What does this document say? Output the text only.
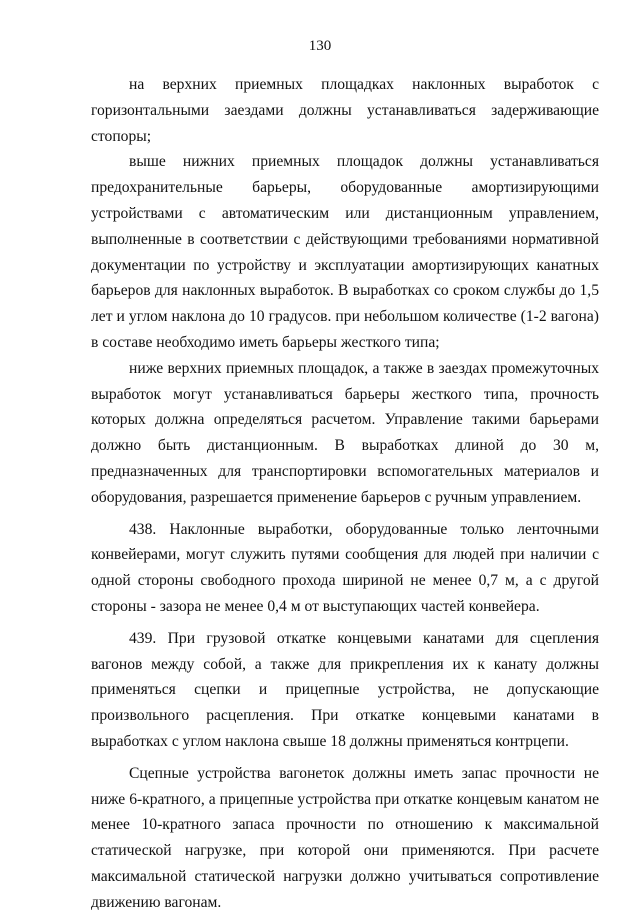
130

на верхних приемных площадках наклонных выработок с горизонтальными заездами должны устанавливаться задерживающие стопоры;

выше нижних приемных площадок должны устанавливаться предохранительные барьеры, оборудованные амортизирующими устройствами с автоматическим или дистанционным управлением, выполненные в соответствии с действующими требованиями нормативной документации по устройству и эксплуатации амортизирующих канатных барьеров для наклонных выработок. В выработках со сроком службы до 1,5 лет и углом наклона до 10 градусов. при небольшом количестве (1-2 вагона) в составе необходимо иметь барьеры жесткого типа;

ниже верхних приемных площадок, а также в заездах промежуточных выработок могут устанавливаться барьеры жесткого типа, прочность которых должна определяться расчетом. Управление такими барьерами должно быть дистанционным. В выработках длиной до 30 м, предназначенных для транспортировки вспомогательных материалов и оборудования, разрешается применение барьеров с ручным управлением.

438. Наклонные выработки, оборудованные только ленточными конвейерами, могут служить путями сообщения для людей при наличии с одной стороны свободного прохода шириной не менее 0,7 м, а с другой стороны - зазора не менее 0,4 м от выступающих частей конвейера.

439. При грузовой откатке концевыми канатами для сцепления вагонов между собой, а также для прикрепления их к канату должны применяться сцепки и прицепные устройства, не допускающие произвольного расцепления. При откатке концевыми канатами в выработках с углом наклона свыше 18 должны применяться контрцепи.

Сцепные устройства вагонеток должны иметь запас прочности не ниже 6-кратного, а прицепные устройства при откатке концевым канатом не менее 10-кратного запаса прочности по отношению к максимальной статической нагрузке, при которой они применяются. При расчете максимальной статической нагрузки должно учитываться сопротивление движению вагонам.
